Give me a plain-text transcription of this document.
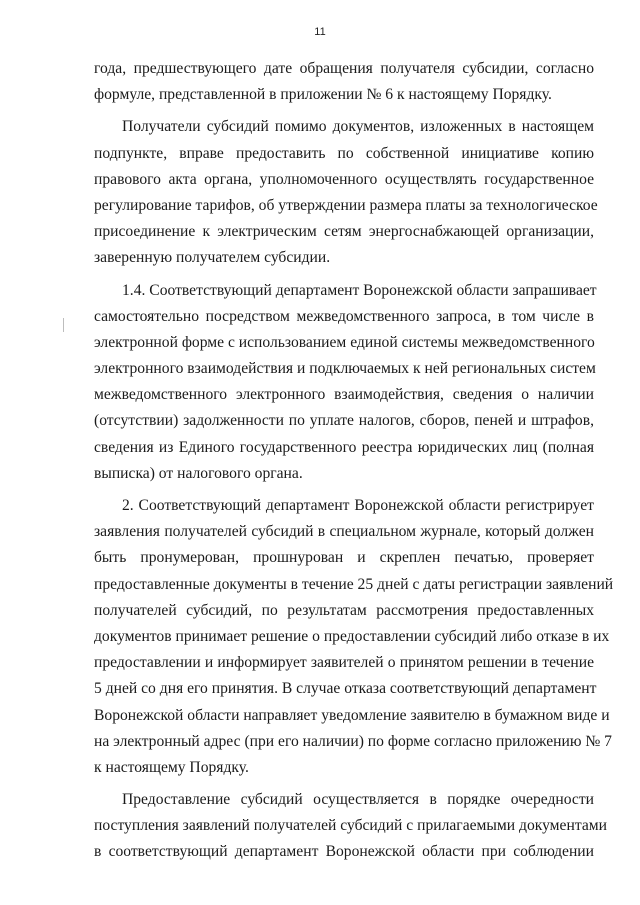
11

года, предшествующего дате обращения получателя субсидии, согласно
формуле, представленной в приложении № 6 к настоящему Порядку.

Получатели субсидий помимо документов, изложенных в настоящем
подпункте, вправе предоставить по собственной инициативе копию
правового акта органа, уполномоченного осуществлять государственное
регулирование тарифов, об утверждении размера платы за технологическое
присоединение к электрическим сетям энергоснабжающей организации,
заверенную получателем субсидии.

1.4. Соответствующий департамент Воронежской области запрашивает
самостоятельно посредством межведомственного запроса, в том числе в
электронной форме с использованием единой системы межведомственного
электронного взаимодействия и подключаемых к ней региональных систем
межведомственного электронного взаимодействия, сведения о наличии
(отсутствии) задолженности по уплате налогов, сборов, пеней и штрафов,
сведения из Единого государственного реестра юридических лиц (полная
выписка) от налогового органа.

2. Соответствующий департамент Воронежской области регистрирует
заявления получателей субсидий в специальном журнале, который должен
быть пронумерован, прошнурован и скреплен печатью, проверяет
предоставленные документы в течение 25 дней с даты регистрации заявлений
получателей субсидий, по результатам рассмотрения предоставленных
документов принимает решение о предоставлении субсидий либо отказе в их
предоставлении и информирует заявителей о принятом решении в течение
5 дней со дня его принятия. В случае отказа соответствующий департамент
Воронежской области направляет уведомление заявителю в бумажном виде и
на электронный адрес (при его наличии) по форме согласно приложению № 7
к настоящему Порядку.

Предоставление субсидий осуществляется в порядке очередности
поступления заявлений получателей субсидий с прилагаемыми документами
в соответствующий департамент Воронежской области при соблюдении
